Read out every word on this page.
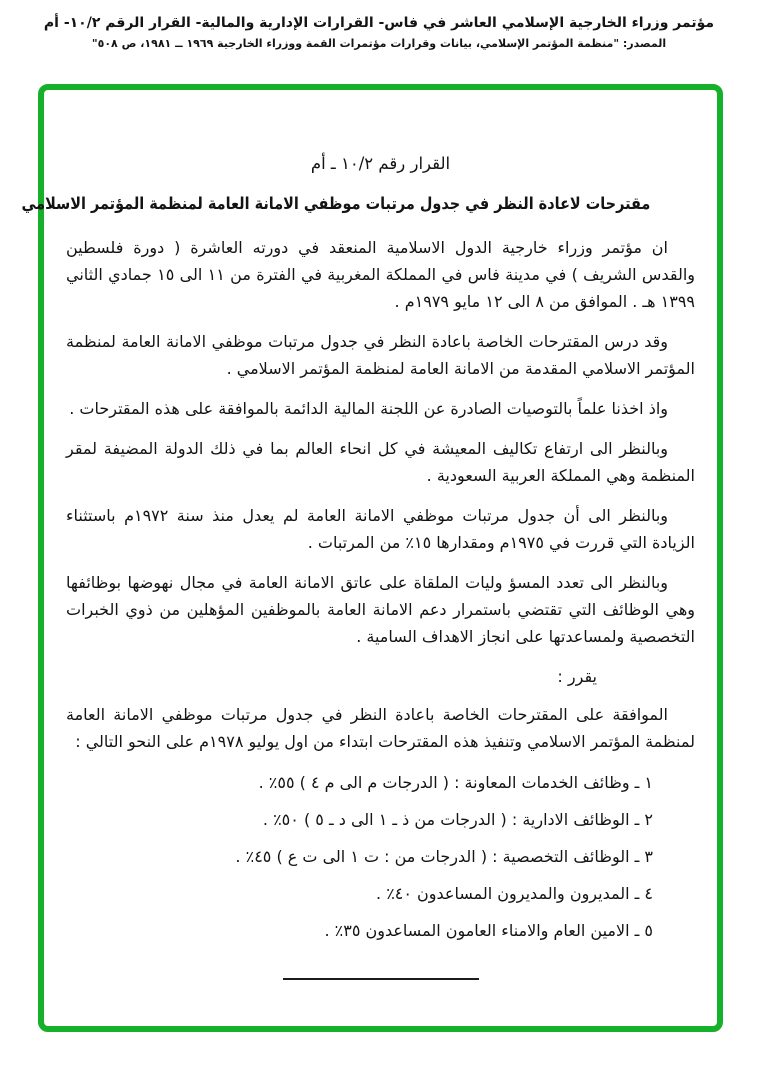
مؤتمر وزراء الخارجية الإسلامي العاشر في فاس- القرارات الإدارية والمالية- القرار الرقم ١٠/٢- أم
المصدر: "منظمة المؤتمر الإسلامي، بيانات وقرارات مؤتمرات القمة ووزراء الخارجية ١٩٦٩ ــ ١٩٨١، ص ٥٠٨"
القرار رقم ١٠/٢ ـ أم
مقترحات لاعادة النظر في جدول مرتبات موظفي الامانة العامة لمنظمة المؤتمر الاسلامي

ان مؤتمر وزراء خارجية الدول الاسلامية المنعقد في دورته العاشرة ( دورة فلسطين والقدس الشريف ) في مدينة فاس في المملكة المغربية في الفترة من ١١ الى ١٥ جمادي الثاني ١٣٩٩ هـ . الموافق من ٨ الى ١٢ مايو ١٩٧٩م .

وقد درس المقترحات الخاصة باعادة النظر في جدول مرتبات موظفي الامانة العامة لمنظمة المؤتمر الاسلامي المقدمة من الامانة العامة لمنظمة المؤتمر الاسلامي .

واذ اخذنا علماً بالتوصيات الصادرة عن اللجنة المالية الدائمة بالموافقة على هذه المقترحات .

وبالنظر الى ارتفاع تكاليف المعيشة في كل انحاء العالم بما في ذلك الدولة المضيفة لمقر المنظمة وهي المملكة العربية السعودية .

وبالنظر الى أن جدول مرتبات موظفي الامانة العامة لم يعدل منذ سنة ١٩٧٢م باستثناء الزيادة التي قررت في ١٩٧٥م ومقدارها ١٥٪ من المرتبات .

وبالنظر الى تعدد المسؤ وليات الملقاة على عاتق الامانة العامة في مجال نهوضها بوظائفها وهي الوظائف التي تقتضي باستمرار دعم الامانة العامة بالموظفين المؤهلين من ذوي الخبرات التخصصية ولمساعدتها على انجاز الاهداف السامية .

يقرر :

الموافقة على المقترحات الخاصة باعادة النظر في جدول مرتبات موظفي الامانة العامة لمنظمة المؤتمر الاسلامي وتنفيذ هذه المقترحات ابتداء من اول يوليو ١٩٧٨م على النحو التالي :

١ ـ وظائف الخدمات المعاونة : ( الدرجات م الى م ٤ ) ٥٥٪ .

٢ ـ الوظائف الادارية : ( الدرجات من ذ ـ ١ الى د ـ ٥ ) ٥٠٪ .

٣ ـ الوظائف التخصصية : ( الدرجات من : ت ١ الى ت ع ) ٤٥٪ .

٤ ـ المديرون والمديرون المساعدون ٤٠٪ .

٥ ـ الامين العام والامناء العامون المساعدون ٣٥٪ .
